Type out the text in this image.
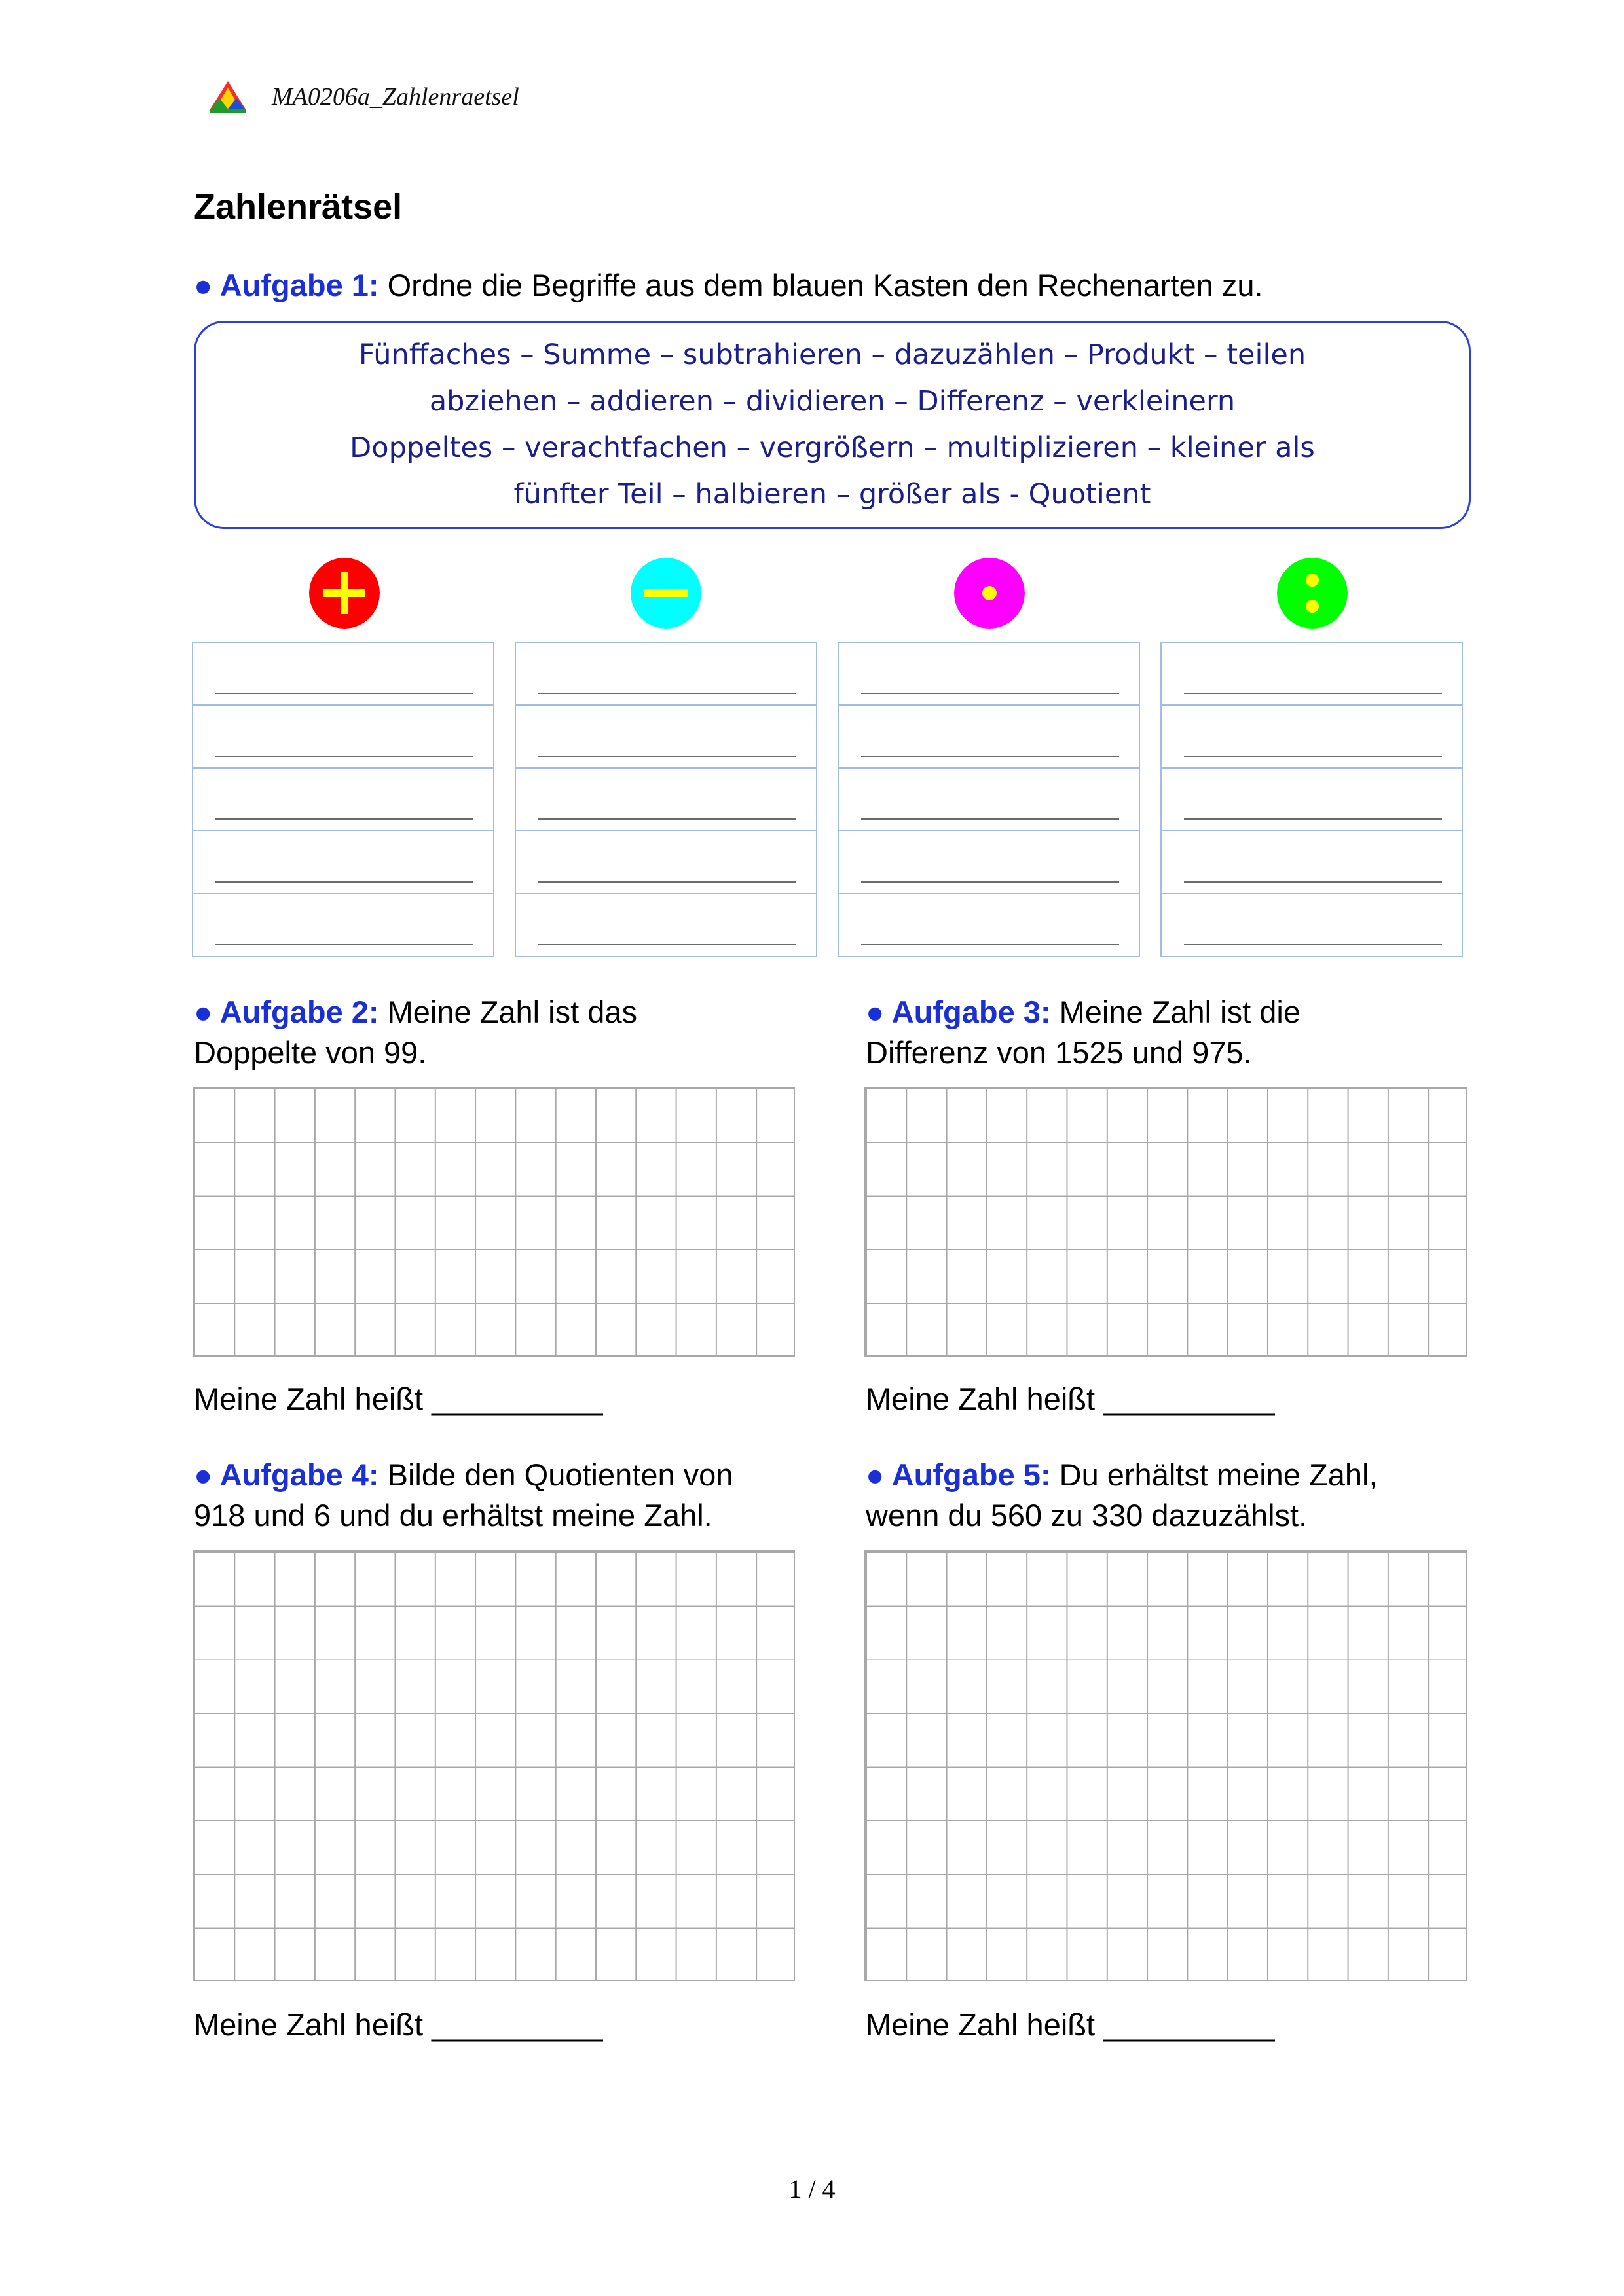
MA0206a_Zahlenraetsel
Zahlenrätsel
● Aufgabe 1: Ordne die Begriffe aus dem blauen Kasten den Rechenarten zu.
Fünffaches – Summe – subtrahieren – dazuzählen – Produkt – teilen
abziehen – addieren – dividieren – Differenz – verkleinern
Doppeltes – verachtfachen – vergrößern – multiplizieren – kleiner als
fünfter Teil – halbieren – größer als - Quotient
● Aufgabe 2: Meine Zahl ist das
Doppelte von 99.
Meine Zahl heißt __________
● Aufgabe 3: Meine Zahl ist die
Differenz von 1525 und 975.
Meine Zahl heißt __________
● Aufgabe 4: Bilde den Quotienten von
918 und 6 und du erhältst meine Zahl.
Meine Zahl heißt __________
● Aufgabe 5: Du erhältst meine Zahl,
wenn du 560 zu 330 dazuzählst.
Meine Zahl heißt __________
1 / 4
